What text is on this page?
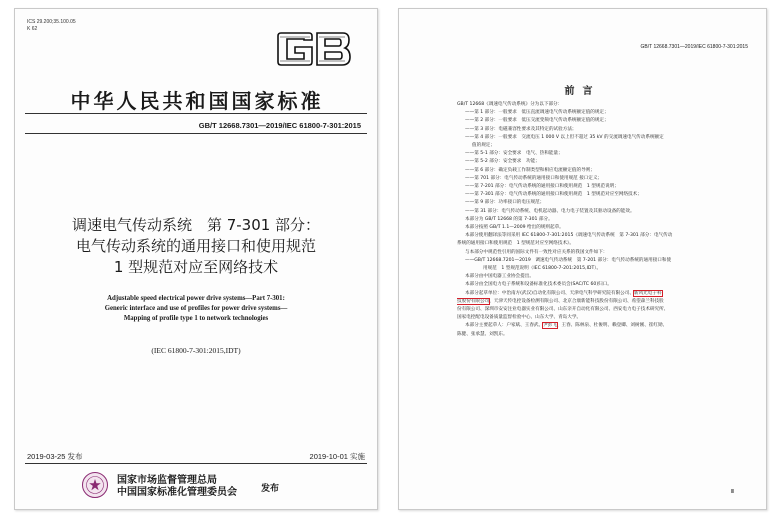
ICS 29.200;35.100.05
K 62
中华人民共和国国家标准
GB/T 12668.7301—2019/IEC 61800-7-301:2015
调速电气传动系统　第 7-301 部分：
电气传动系统的通用接口和使用规范
1 型规范对应至网络技术
Adjustable speed electrical power drive systems—Part 7-301:
Generic interface and use of profiles for power drive systems—
Mapping of profile type 1 to network technologies
(IEC 61800-7-301:2015,IDT)
2019-03-25 发布	2019-10-01 实施
国家市场监督管理总局
中国国家标准化管理委员会	发布
GB/T 12668.7301—2019/IEC 61800-7-301:2015
前言

GB/T 12668《调速电气传动系统》分为以下部分：

——第 1 部分：一般要求　低压直流调速电气传动系统额定值的规定；

——第 2 部分：一般要求　低压交流变频电气传动系统额定值的规定；

——第 3 部分：电磁兼容性要求及其特定的试验方法；

——第 4 部分：一般要求　交流电压 1 000 V 以上但不超过 35 kV 的交流调速电气传动系统额定

值的规定；

——第 5-1 部分：安全要求　电气、热和能量；

——第 5-2 部分：安全要求　功能；

——第 6 部分：确定负载工作制类型和相应电流额定值的导则；

——第 701 部分：电气传动系统的通用接口和使用规范 接口定义；

——第 7-201 部分：电气传动系统的通用接口和使用规范　1 型规范说明；

——第 7-301 部分：电气传动系统的通用接口和使用规范　1 型规范对应至网络技术；

——第 9 部分：功率接口的电压规范；

——第 31 部分：电气传动系统、电机起动器、电力电子装置及其驱动设备的能效。

本部分为 GB/T 12668 的第 7-301 部分。

本部分按照 GB/T 1.1—2009 给出的规则起草。

本部分使用翻译法等同采用 IEC 61800-7-301:2015《调速电气传动系统　第 7-301 部分：电气传动

系统的通用接口和使用规范　1 型规范对应至网络技术》。

与本部分中规范性引用的国际文件有一致性对应关系的我国文件如下：

——GB/T 12668.7201—2019　调速电气传动系统　第 7-201 部分：电气传动系统的通用接口和使

用规范　1 型规范说明（IEC 61800-7-201:2015,IDT）。

本部分由中国电器工业协会提出。

本部分由全国电力电子系统和设备标准化技术委员会(SAC/TC 60)归口。

本部分起草单位：中治南方(武汉)自动化有限公司、天津电气科学研究院有限公司、新风光电子科

技股份有限公司、天津天传电控设备检测有限公司、北京合康新能科技股份有限公司、希望森兰科技股

份有限公司、深圳市安安注业电器实业有限公司、山东亲开自动化有限公司、西安电力电子技术研究所、

国家电控配电设备质量监督检验中心、山东大学、青岛大学。

本部分主要起草人：户家斌、王春武、尹彭飞、王春、陈林泉、杜俊明、赖登卿、刘树刚、崔红勋、

陈健、张承慧、刘凯东。

Ⅲ
